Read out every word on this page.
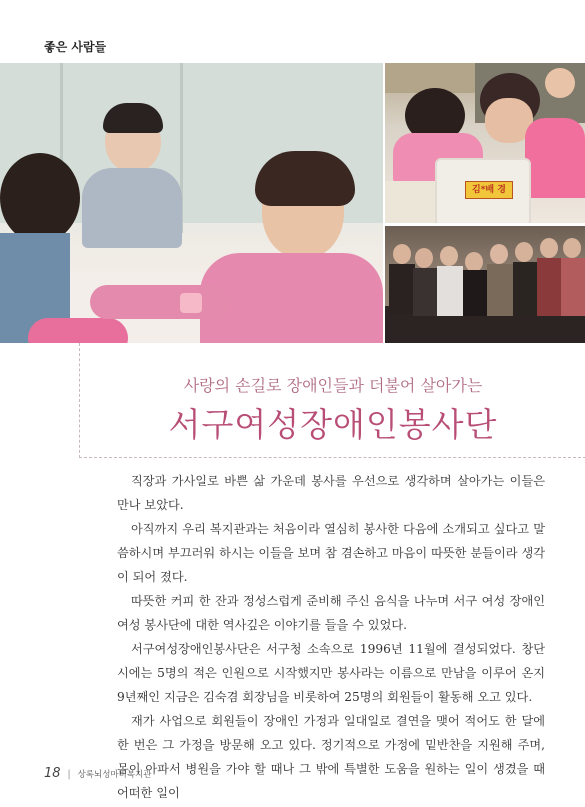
좋은 사람들
김*배 경
사랑의 손길로 장애인들과 더불어 살아가는
서구여성장애인봉사단

직장과 가사일로 바쁜 삶 가운데 봉사를 우선으로 생각하며 살아가는 이들은 만나 보았다.

아직까지 우리 복지관과는 처음이라 열심히 봉사한 다음에 소개되고 싶다고 말씀하시며 부끄러워 하시는 이들을 보며 참 겸손하고 마음이 따뜻한 분들이라 생각이 되어 졌다.

따뜻한 커피 한 잔과 정성스럽게 준비해 주신 음식을 나누며 서구 여성 장애인 여성 봉사단에 대한 역사깊은 이야기를 들을 수 있었다.

서구여성장애인봉사단은 서구청 소속으로 1996년 11월에 결성되었다. 창단시에는 5명의 적은 인원으로 시작했지만 봉사라는 이름으로 만남을 이루어 온지 9년째인 지금은 김숙겸 회장님을 비롯하여 25명의 회원들이 활동해 오고 있다.

재가 사업으로 회원들이 장애인 가정과 일대일로 결연을 맺어 적어도 한 달에 한 번은 그 가정을 방문해 오고 있다. 정기적으로 가정에 밑반찬을 지원해 주며, 몸이 아파서 병원을 가야 할 때나 그 밖에 특별한 도움을 원하는 일이 생겼을 때 어떠한 일이

18 | 상록뇌성마비복지관
